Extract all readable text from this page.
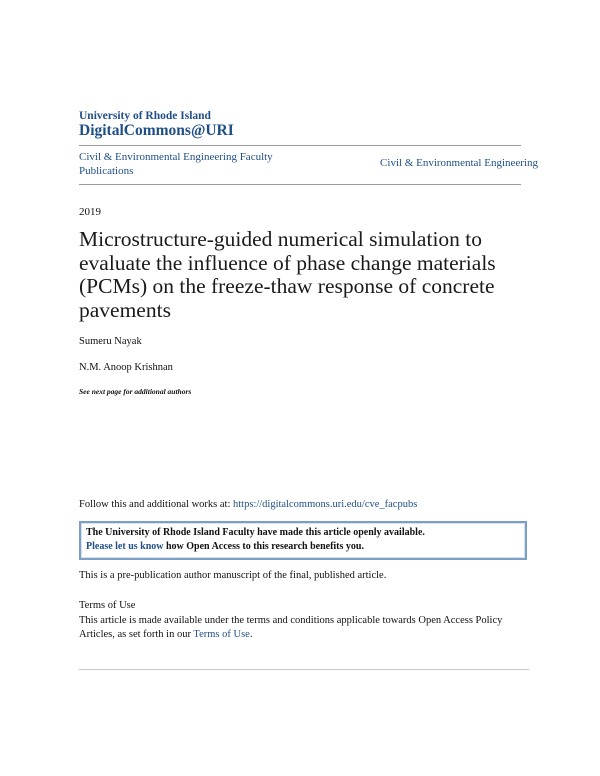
University of Rhode Island
DigitalCommons@URI
Civil & Environmental Engineering Faculty Publications
Civil & Environmental Engineering
2019
Microstructure-guided numerical simulation to evaluate the influence of phase change materials (PCMs) on the freeze-thaw response of concrete pavements
Sumeru Nayak
N.M. Anoop Krishnan
See next page for additional authors
Follow this and additional works at: https://digitalcommons.uri.edu/cve_facpubs
The University of Rhode Island Faculty have made this article openly available.
Please let us know how Open Access to this research benefits you.
This is a pre-publication author manuscript of the final, published article.
Terms of Use
This article is made available under the terms and conditions applicable towards Open Access Policy Articles, as set forth in our Terms of Use.
